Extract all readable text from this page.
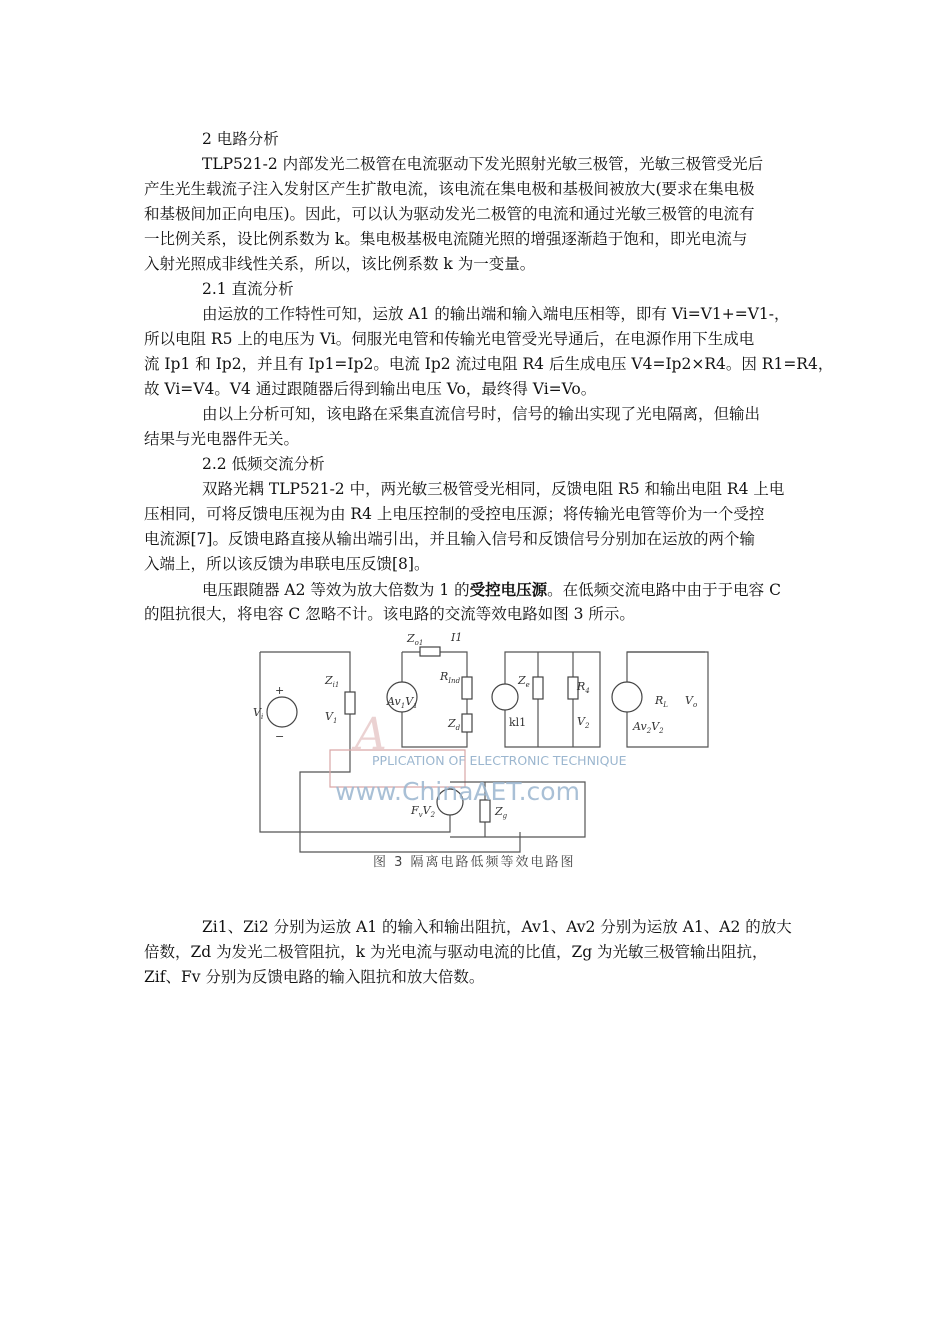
2 电路分析
TLP521-2 内部发光二极管在电流驱动下发光照射光敏三极管，光敏三极管受光后
产生光生载流子注入发射区产生扩散电流，该电流在集电极和基极间被放大(要求在集电极
和基极间加正向电压)。因此，可以认为驱动发光二极管的电流和通过光敏三极管的电流有
一比例关系，设比例系数为 k。集电极基极电流随光照的增强逐渐趋于饱和，即光电流与
入射光照成非线性关系，所以，该比例系数 k 为一变量。
2.1 直流分析
由运放的工作特性可知，运放 A1 的输出端和输入端电压相等，即有 Vi=V1+=V1-，
所以电阻 R5 上的电压为 Vi。伺服光电管和传输光电管受光导通后，在电源作用下生成电
流 Ip1 和 Ip2，并且有 Ip1=Ip2。电流 Ip2 流过电阻 R4 后生成电压 V4=Ip2×R4。因 R1=R4，
故 Vi=V4。V4 通过跟随器后得到输出电压 Vo，最终得 Vi=Vo。
由以上分析可知，该电路在采集直流信号时，信号的输出实现了光电隔离，但输出
结果与光电器件无关。
2.2 低频交流分析
双路光耦 TLP521-2 中，两光敏三极管受光相同，反馈电阻 R5 和输出电阻 R4 上电
压相同，可将反馈电压视为由 R4 上电压控制的受控电压源；将传输光电管等价为一个受控
电流源[7]。反馈电路直接从输出端引出，并且输入信号和反馈信号分别加在运放的两个输
入端上，所以该反馈为串联电压反馈[8]。
电压跟随器 A2 等效为放大倍数为 1 的受控电压源。在低频交流电路中由于于电容 C
的阻抗很大，将电容 C 忽略不计。该电路的交流等效电路如图 3 所示。
$V_i$
+
−
$Z_{i1}$
$V_1$
$Z_{o1}$	I1
$R_{Ind}$
$Av_1V_1$
$Z_d$
$Z_e$
kl1
$R_4$
$V_2$	$Av_2V_2$
$R_L$ $V_o$
$F_vV_2$	$Z_g$
A
PPLICATION OF ELECTRONIC TECHNIQUE
www.ChinaAET.com
图 3 隔离电路低频等效电路图
Zi1、Zi2 分别为运放 A1 的输入和输出阻抗，Av1、Av2 分别为运放 A1、A2 的放大
倍数，Zd 为发光二极管阻抗，k 为光电流与驱动电流的比值，Zg 为光敏三极管输出阻抗，
Zif、Fv 分别为反馈电路的输入阻抗和放大倍数。
